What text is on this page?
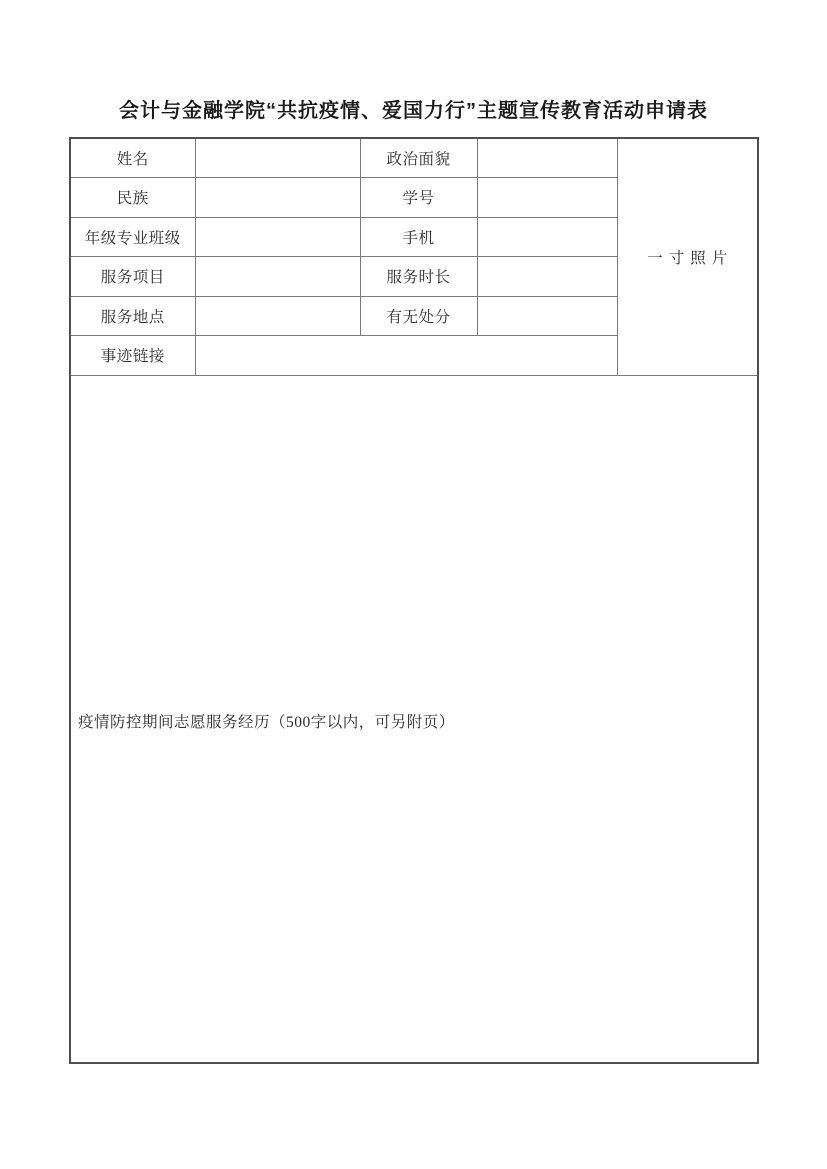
会计与金融学院“共抗疫情、爱国力行”主题宣传教育活动申请表
姓名		政治面貌		一寸照片
民族		学号		
年级专业班级		手机		
服务项目		服务时长		
服务地点		有无处分		
事迹链接				

疫情防控期间志愿服务经历（500字以内，可另附页）				
